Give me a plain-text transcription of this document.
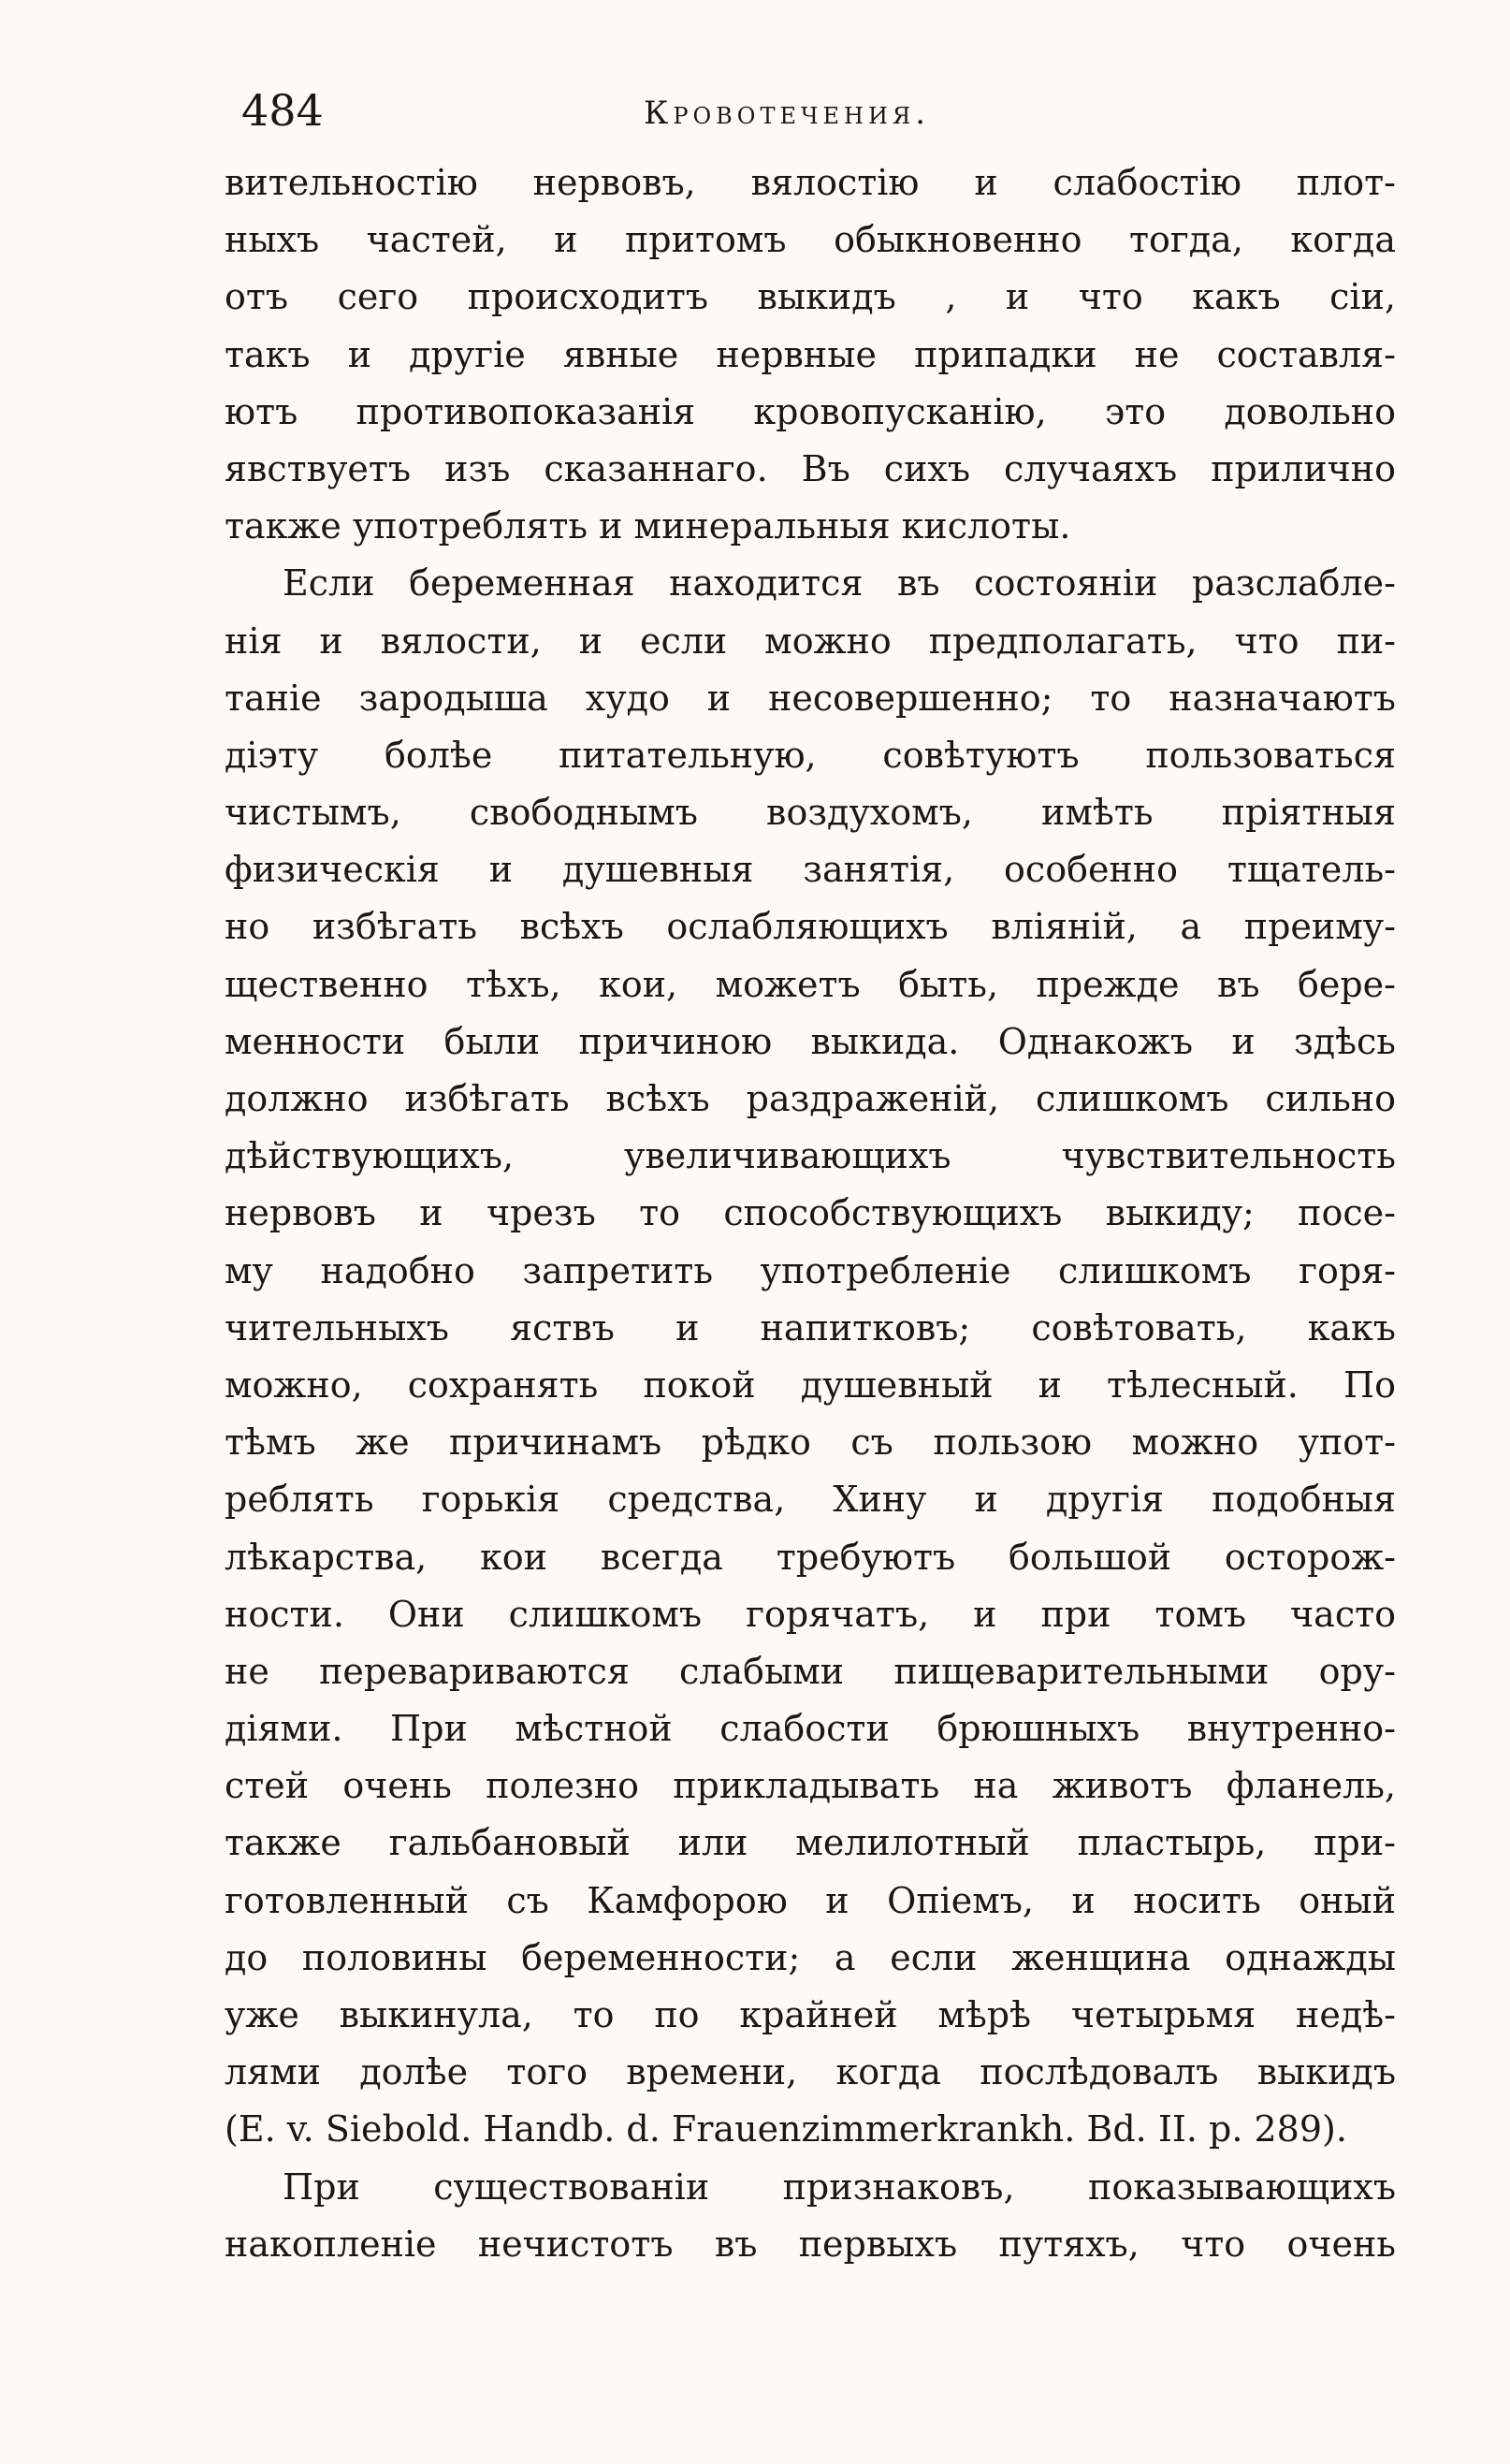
484	Кровотечения.
вительностію нервовъ, вялостію и слабостію плот-
ныхъ частей, и притомъ обыкновенно тогда, когда
отъ сего происходитъ выкидъ , и что какъ сіи,
такъ и другіе явные нервные припадки не составля-
ютъ противопоказанія кровопусканію, это довольно
явствуетъ изъ сказаннаго. Въ сихъ случаяхъ прилично
также употреблять и минеральныя кислоты.
Если беременная находится въ состояніи разслабле-
нія и вялости, и если можно предполагать, что пи-
таніе зародыша худо и несовершенно; то назначаютъ
діэту болѣе питательную, совѣтуютъ пользоваться
чистымъ, свободнымъ воздухомъ, имѣть пріятныя
физическія и душевныя занятія, особенно тщатель-
но избѣгать всѣхъ ослабляющихъ вліяній, а преиму-
щественно тѣхъ, кои, можетъ быть, прежде въ бере-
менности были причиною выкида. Однакожъ и здѣсь
должно избѣгать всѣхъ раздраженій, слишкомъ сильно
дѣйствующихъ, увеличивающихъ чувствительность
нервовъ и чрезъ то способствующихъ выкиду; посе-
му надобно запретить употребленіе слишкомъ горя-
чительныхъ яствъ и напитковъ; совѣтовать, какъ
можно, сохранять покой душевный и тѣлесный. По
тѣмъ же причинамъ рѣдко съ пользою можно упот-
реблять горькія средства, Хину и другія подобныя
лѣкарства, кои всегда требуютъ большой осторож-
ности. Они слишкомъ горячатъ, и при томъ часто
не перевариваются слабыми пищеварительными ору-
діями. При мѣстной слабости брюшныхъ внутренно-
стей очень полезно прикладывать на животъ фланель,
также гальбановый или мелилотный пластырь, при-
готовленный съ Камфорою и Опіемъ, и носить оный
до половины беременности; а если женщина однажды
уже выкинула, то по крайней мѣрѣ четырьмя недѣ-
лями долѣе того времени, когда послѣдовалъ выкидъ
(E. v. Siebold. Handb. d. Frauenzimmerkrankh. Bd. II. p. 289).
При существованіи признаковъ, показывающихъ
накопленіе нечистотъ въ первыхъ путяхъ, что очень
